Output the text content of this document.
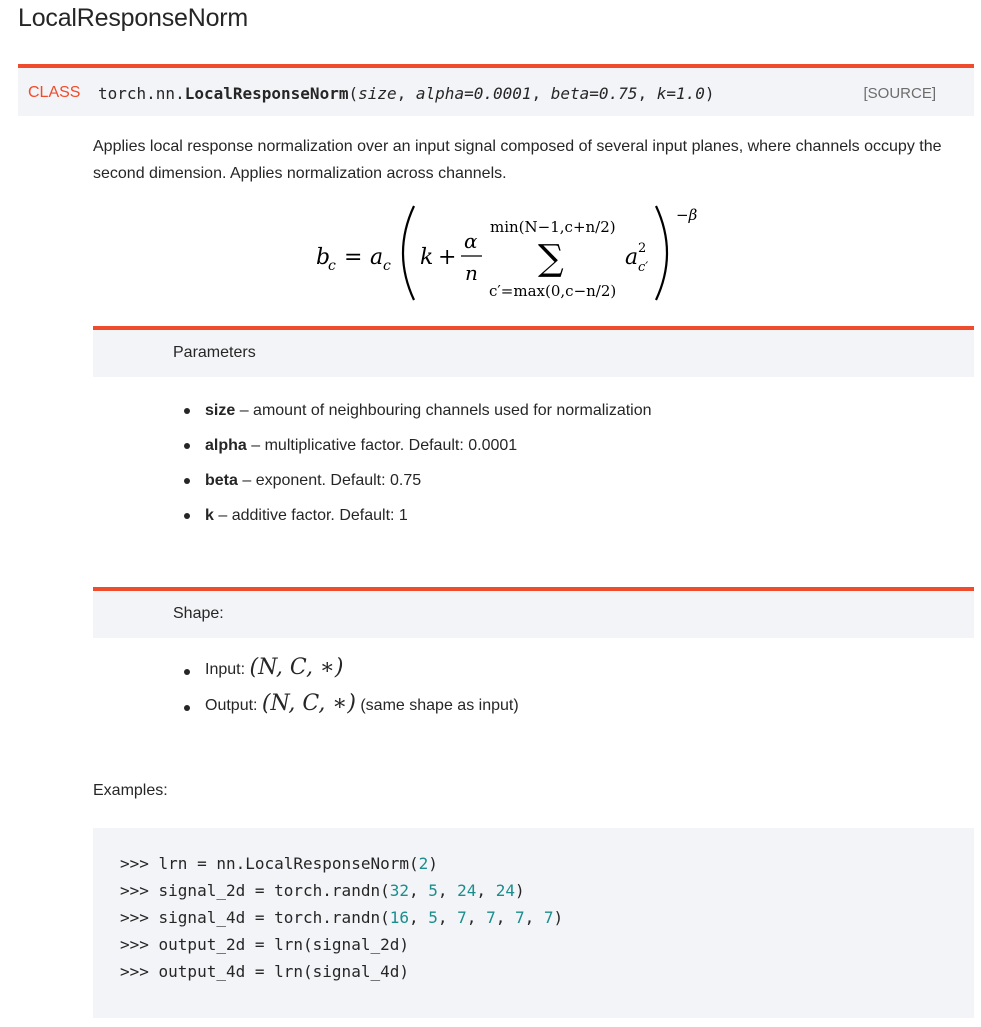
LocalResponseNorm
CLASS torch.nn.LocalResponseNorm(size, alpha=0.0001, beta=0.75, k=1.0)	[SOURCE]
Applies local response normalization over an input signal composed of several input planes, where channels occupy the second dimension. Applies normalization across channels.
b
c = a c k +
α
n
min(N−1,c+n/2)
∑
c′=max(0,c−n/2)
a 2
c′
−β
Parameters
size – amount of neighbouring channels used for normalization
alpha – multiplicative factor. Default: 0.0001
beta – exponent. Default: 0.75
k – additive factor. Default: 1
Shape:
Input: (N, C, ∗)
Output: (N, C, ∗) (same shape as input)
Examples:
>>> lrn = nn.LocalResponseNorm(2)
>>> signal_2d = torch.randn(32, 5, 24, 24)
>>> signal_4d = torch.randn(16, 5, 7, 7, 7, 7)
>>> output_2d = lrn(signal_2d)
>>> output_4d = lrn(signal_4d)
